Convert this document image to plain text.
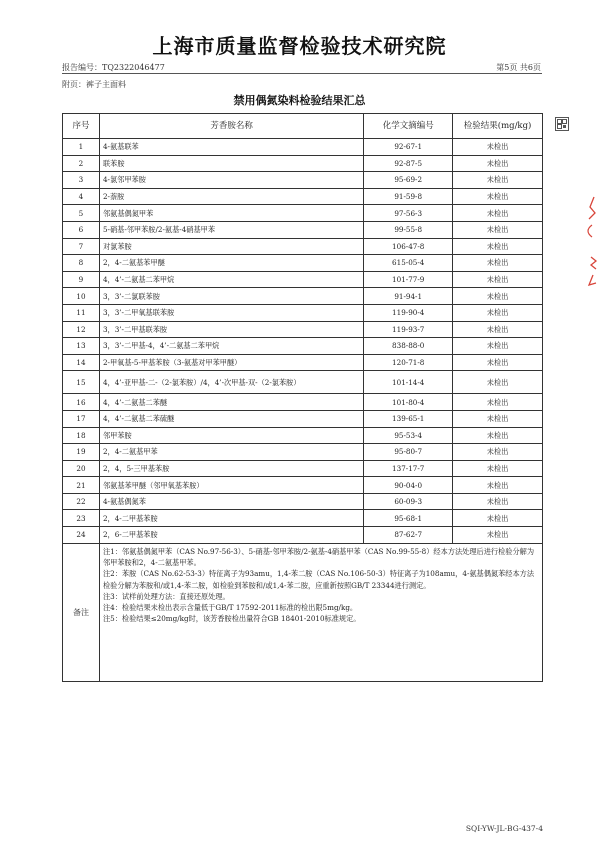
上海市质量监督检验技术研究院
报告编号：TQ2322046477	第5页 共6页
附页：裤子主面料
禁用偶氮染料检验结果汇总
序号	芳香胺名称	化学文摘编号	检验结果(mg/kg)
1	4-氨基联苯	92-67-1	未检出
2	联苯胺	92-87-5	未检出
3	4-氯邻甲苯胺	95-69-2	未检出
4	2-萘胺	91-59-8	未检出
5	邻氨基偶氮甲苯	97-56-3	未检出
6	5-硝基-邻甲苯胺/2-氨基-4硝基甲苯	99-55-8	未检出
7	对氯苯胺	106-47-8	未检出
8	2，4-二氨基苯甲醚	615-05-4	未检出
9	4，4’-二氨基二苯甲烷	101-77-9	未检出
10	3，3’-二氯联苯胺	91-94-1	未检出
11	3，3’-二甲氧基联苯胺	119-90-4	未检出
12	3，3’-二甲基联苯胺	119-93-7	未检出
13	3，3’-二甲基-4，4’-二氨基二苯甲烷	838-88-0	未检出
14	2-甲氧基-5-甲基苯胺（3-氨基对甲苯甲醚）	120-71-8	未检出
15	4，4’-亚甲基-二-（2-氯苯胺）/4，4’-次甲基-双-（2-氯苯胺）	101-14-4	未检出
16	4，4’-二氨基二苯醚	101-80-4	未检出
17	4，4’-二氨基二苯硫醚	139-65-1	未检出
18	邻甲苯胺	95-53-4	未检出
19	2，4-二氨基甲苯	95-80-7	未检出
20	2，4，5-三甲基苯胺	137-17-7	未检出
21	邻氨基苯甲醚（邻甲氧基苯胺）	90-04-0	未检出
22	4-氨基偶氮苯	60-09-3	未检出
23	2，4-二甲基苯胺	95-68-1	未检出
24	2，6-二甲基苯胺	87-62-7	未检出
备注	注1：邻氨基偶氮甲苯（CAS No.97-56-3）、5-硝基-邻甲苯胺/2-氨基-4硝基甲苯（CAS No.99-55-8）经本方法处理后进行检验分解为邻甲苯胺和2，4-二氨基甲苯。
注2：苯胺（CAS No.62-53-3）特征离子为93amu，1,4-苯二胺（CAS No.106-50-3）特征离子为108amu，4-氨基偶氮苯经本方法检验分解为苯胺和/或1,4-苯二胺，如检验到苯胺和/或1,4-苯二胺，应重新按照GB/T 23344进行测定。
注3：试样前处理方法：直接还原处理。
注4：检验结果未检出表示含量低于GB/T 17592-2011标准的检出限5mg/kg。
注5：检验结果≤20mg/kg时，该芳香胺检出量符合GB 18401-2010标准规定。		
SQI-YW-JL-BG-437-4
